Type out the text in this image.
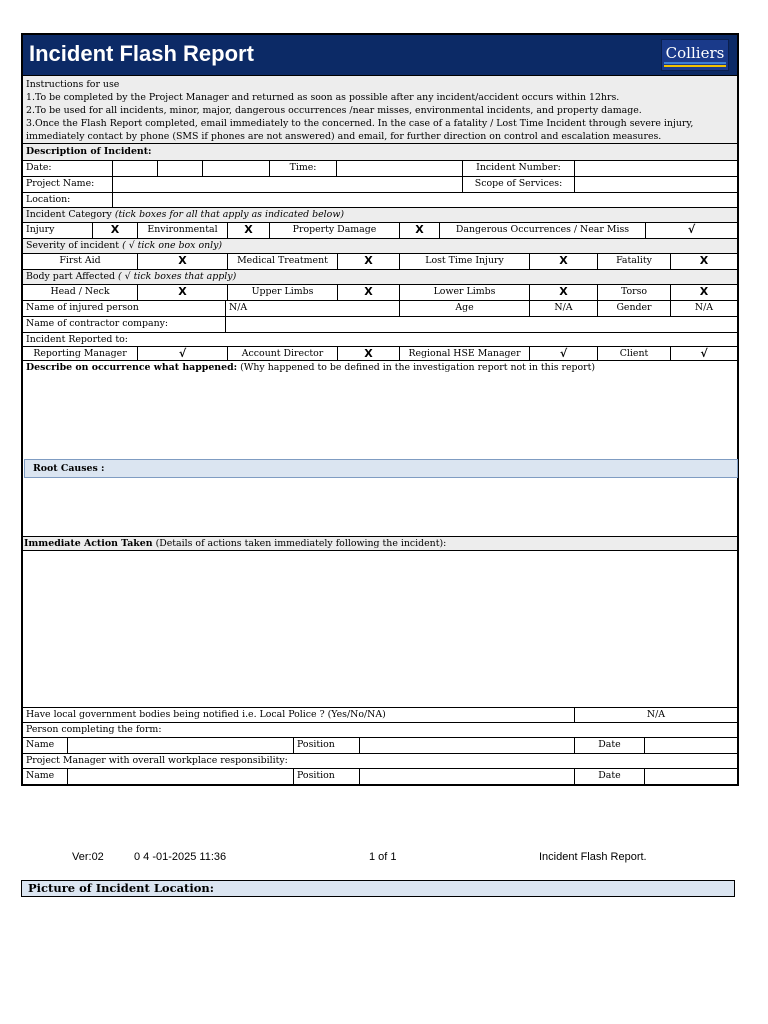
Incident Flash Report	Colliers
Instructions for use
1.To be completed by the Project Manager and returned as soon as possible after any incident/accident occurs within 12hrs.
2.To be used for all incidents, minor, major, dangerous occurrences /near misses, environmental incidents, and property damage.
3.Once the Flash Report completed, email immediately to the concerned. In the case of a fatality / Lost Time Incident through severe injury,
immediately contact by phone (SMS if phones are not answered) and email, for further direction on control and escalation measures.
Description of Incident:
Date:	Time:	Incident Number:
Project Name:	Scope of Services:
Location:
Incident Category (tick boxes for all that apply as indicated below)
Injury	X	Environmental	X	Property Damage	X	Dangerous Occurrences / Near Miss	√
Severity of incident ( √ tick one box only)
First Aid	X	Medical Treatment	X	Lost Time Injury	X	Fatality	X
Body part Affected ( √ tick boxes that apply)
Head / Neck	X	Upper Limbs	X	Lower Limbs	X	Torso	X
Name of injured person	N/A	Age	N/A	Gender	N/A
Name of contractor company:
Incident Reported to:
Reporting Manager	√	Account Director	X	Regional HSE Manager	√	Client	√
Describe on occurrence what happened: (Why happened to be defined in the investigation report not in this report)
Root Causes :
Immediate Action Taken (Details of actions taken immediately following the incident):
Have local government bodies being notified i.e. Local Police ? (Yes/No/NA)	N/A
Person completing the form:
Name	Position	Date
Project Manager with overall workplace responsibility:
Name	Position	Date
Ver:02	0 4 -01-2025 11:36	1 of 1	Incident Flash Report.
Picture of Incident Location:
